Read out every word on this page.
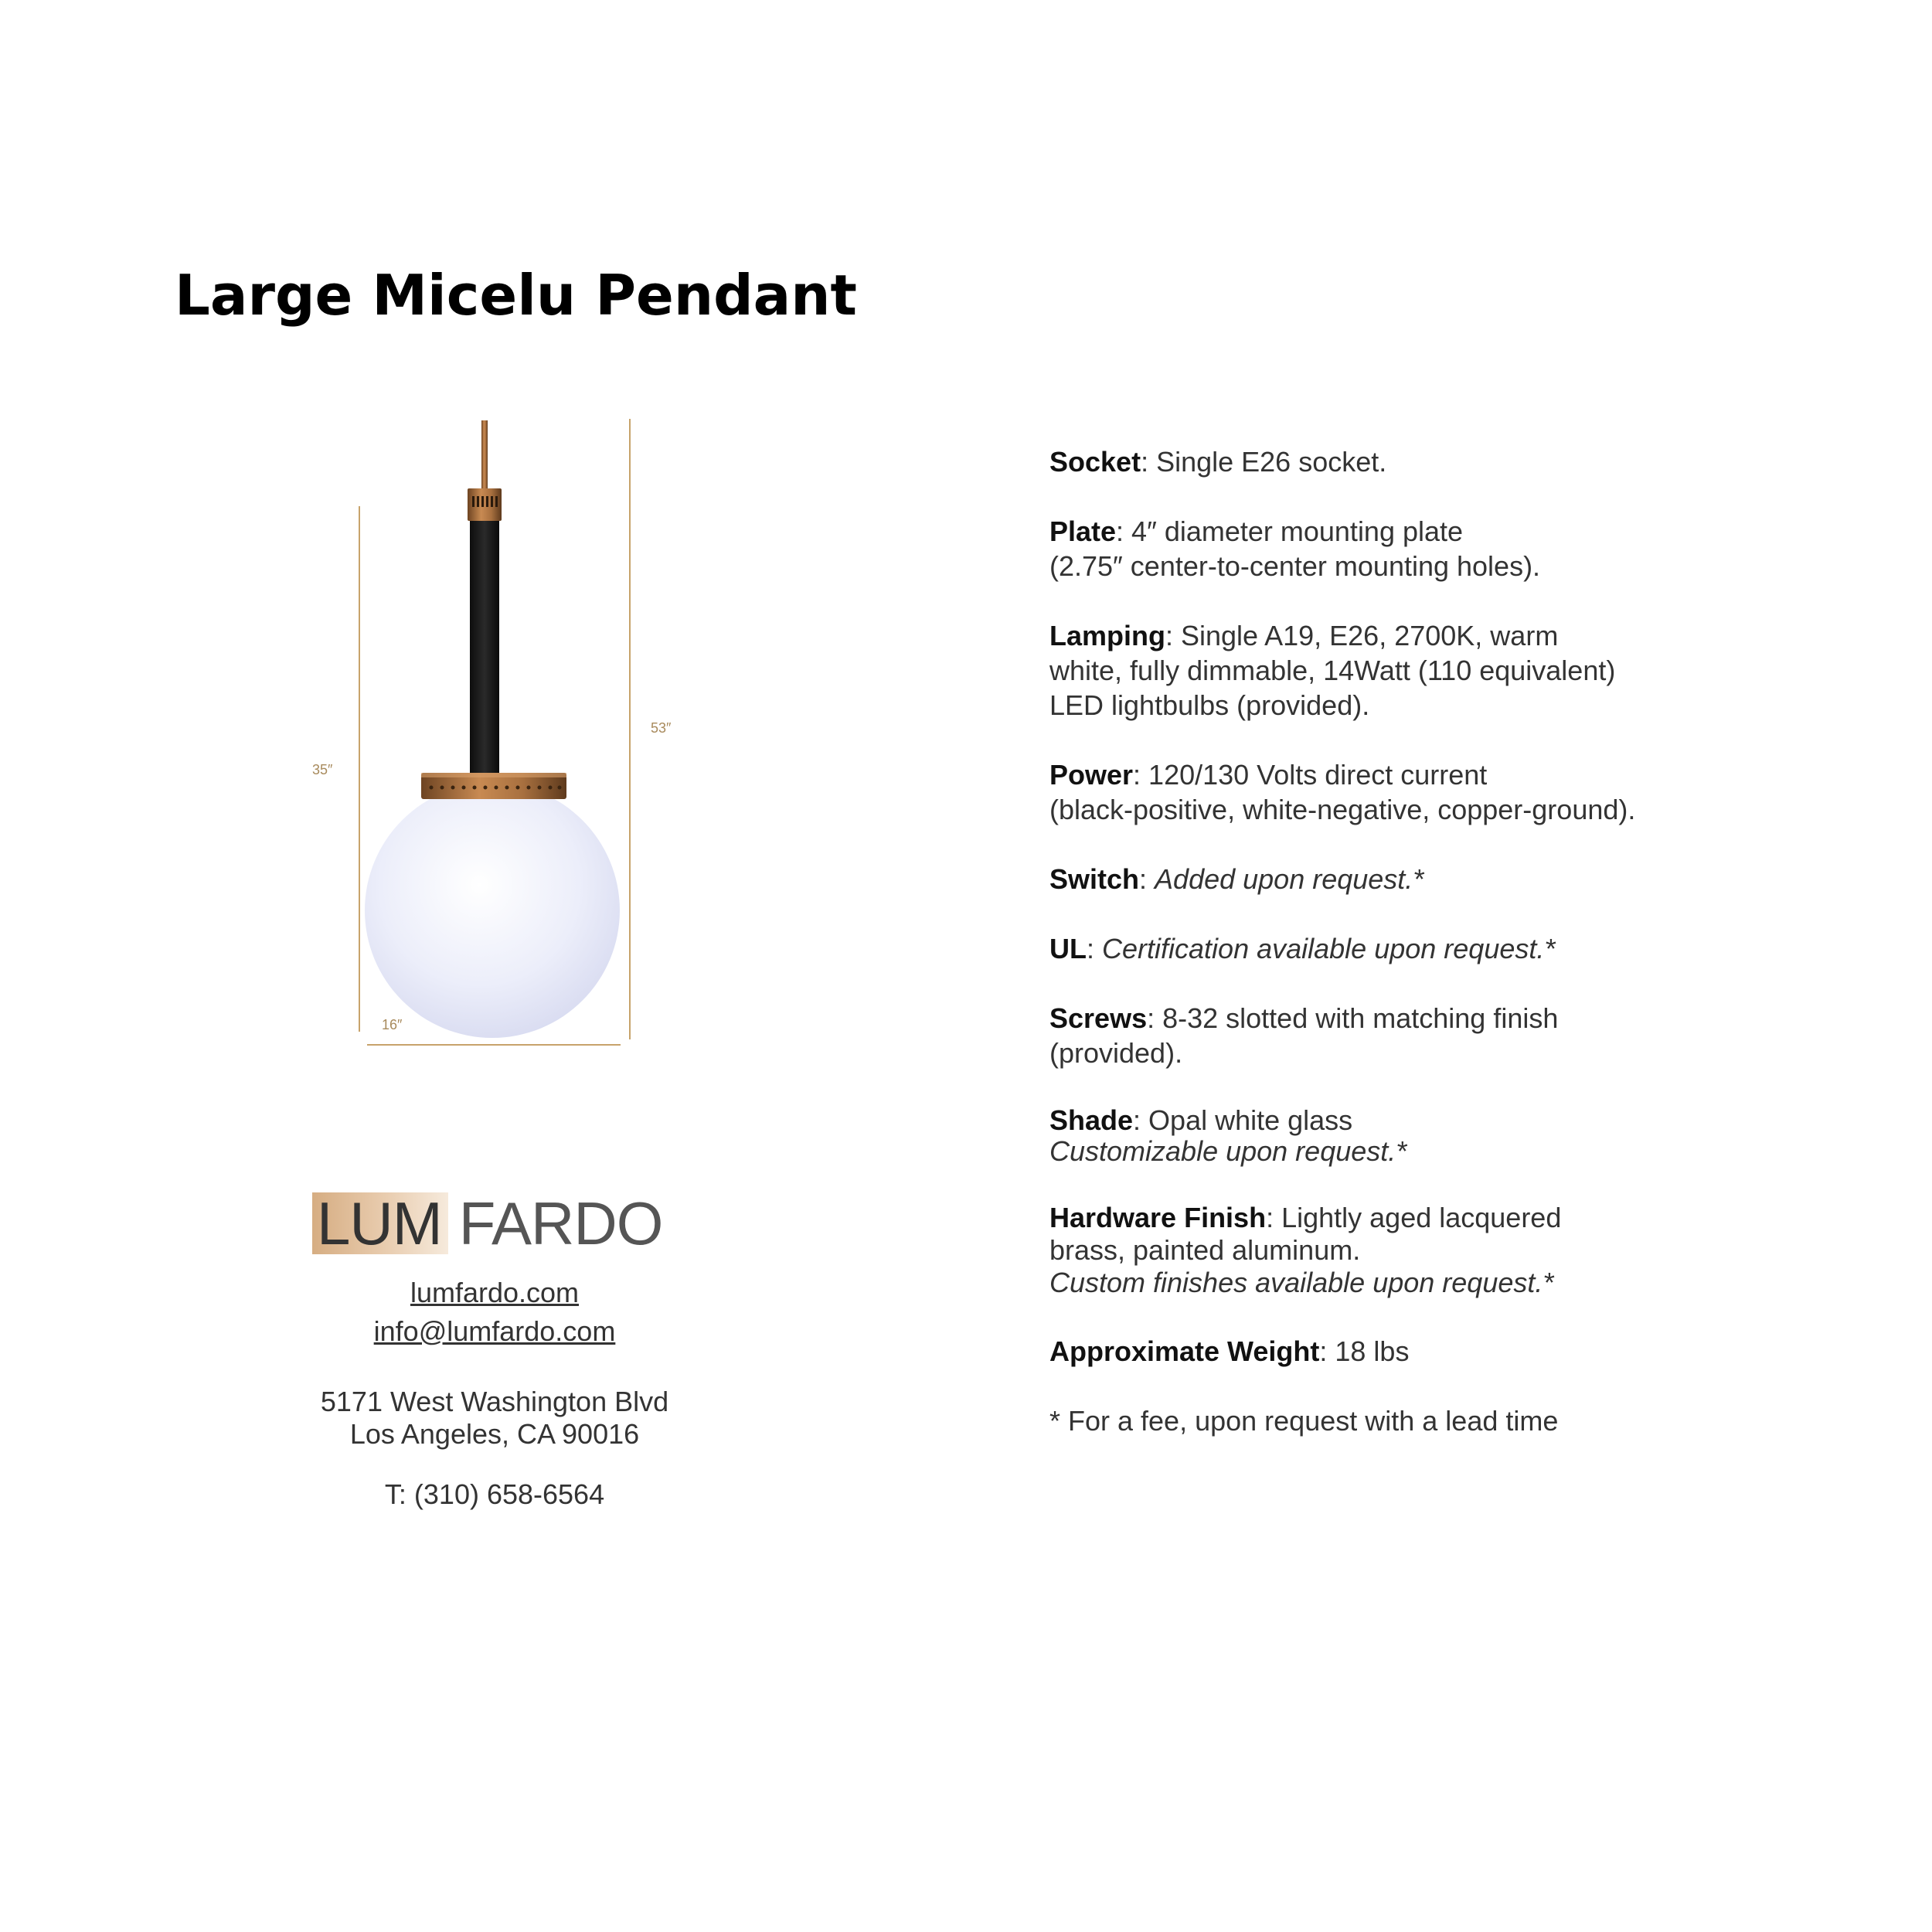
Large Micelu Pendant
35″
53″
16″
LUM FARDO
lumfardo.com
info@lumfardo.com
5171 West Washington Blvd
Los Angeles, CA 90016
T: (310) 658-6564

Socket: Single E26 socket.

Plate: 4″ diameter mounting plate
(2.75″ center-to-center mounting holes).

Lamping: Single A19, E26, 2700K, warm
white, fully dimmable, 14Watt (110 equivalent)
LED lightbulbs (provided).

Power: 120/130 Volts direct current
(black-positive, white-negative, copper-ground).

Switch: Added upon request.*

UL: Certification available upon request.*

Screws: 8-32 slotted with matching finish
(provided).

Shade: Opal white glass
Customizable upon request.*

Hardware Finish: Lightly aged lacquered
brass, painted aluminum.
Custom finishes available upon request.*

Approximate Weight: 18 lbs

* For a fee, upon request with a lead time
